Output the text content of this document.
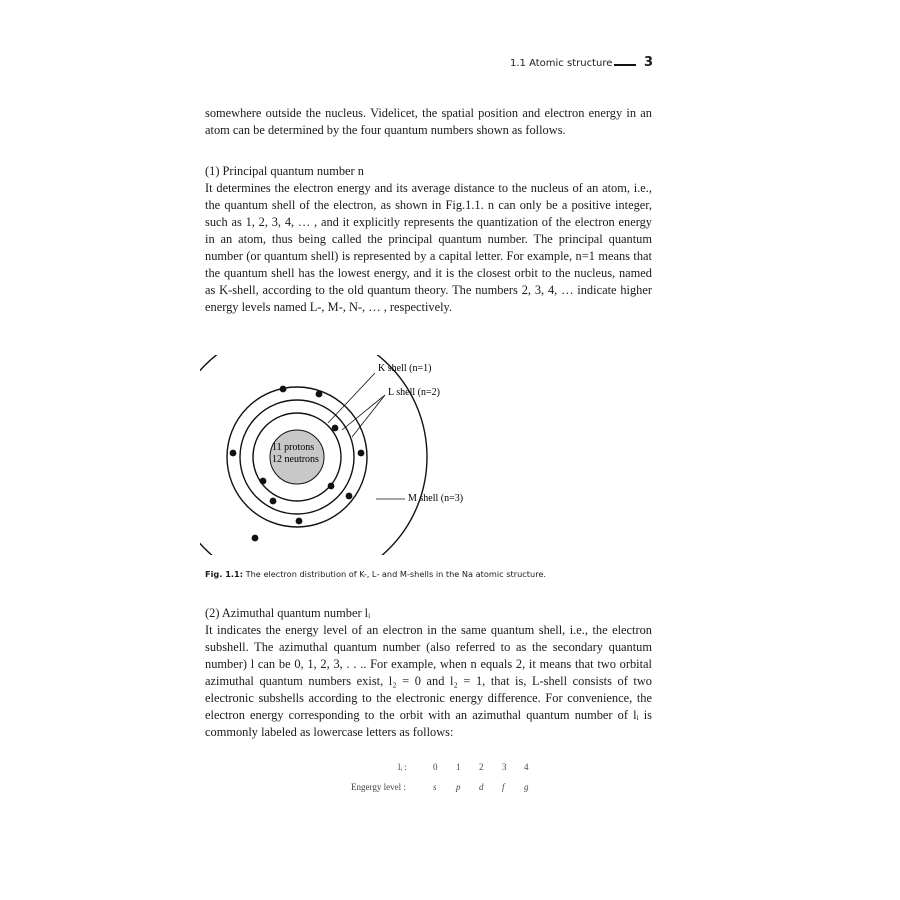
1.1 Atomic structure 3

somewhere outside the nucleus. Videlicet, the spatial position and electron energy in an atom can be determined by the four quantum numbers shown as follows.

(1) Principal quantum number n

It determines the electron energy and its average distance to the nucleus of an atom, i.e., the quantum shell of the electron, as shown in Fig.1.1. n can only be a positive integer, such as 1, 2, 3, 4, … , and it explicitly represents the quantization of the electron energy in an atom, thus being called the principal quantum number. The principal quantum number (or quantum shell) is represented by a capital letter. For example, n=1 means that the quantum shell has the lowest energy, and it is the closest orbit to the nucleus, named as K-shell, according to the old quantum theory. The numbers 2, 3, 4, … indicate higher energy levels named L-, M-, N-, … , respectively.

11 protons
12 neutrons
K shell (n=1)
L shell (n=2)
M shell (n=3)
Fig. 1.1: The electron distribution of K-, L- and M-shells in the Na atomic structure.
(2) Azimuthal quantum number lᵢ

It indicates the energy level of an electron in the same quantum shell, i.e., the electron subshell. The azimuthal quantum number (also referred to as the secondary quantum number) l can be 0, 1, 2, 3, . . .. For example, when n equals 2, it means that two orbital azimuthal quantum numbers exist, l₂ = 0 and l₂ = 1, that is, L-shell consists of two electronic subshells according to the electronic energy difference. For convenience, the electron energy corresponding to the orbit with an azimuthal quantum number of lᵢ is commonly labeled as lowercase letters as follows:

lᵢ :
Engergy level :
0 1 2 3 4
s p d f g
